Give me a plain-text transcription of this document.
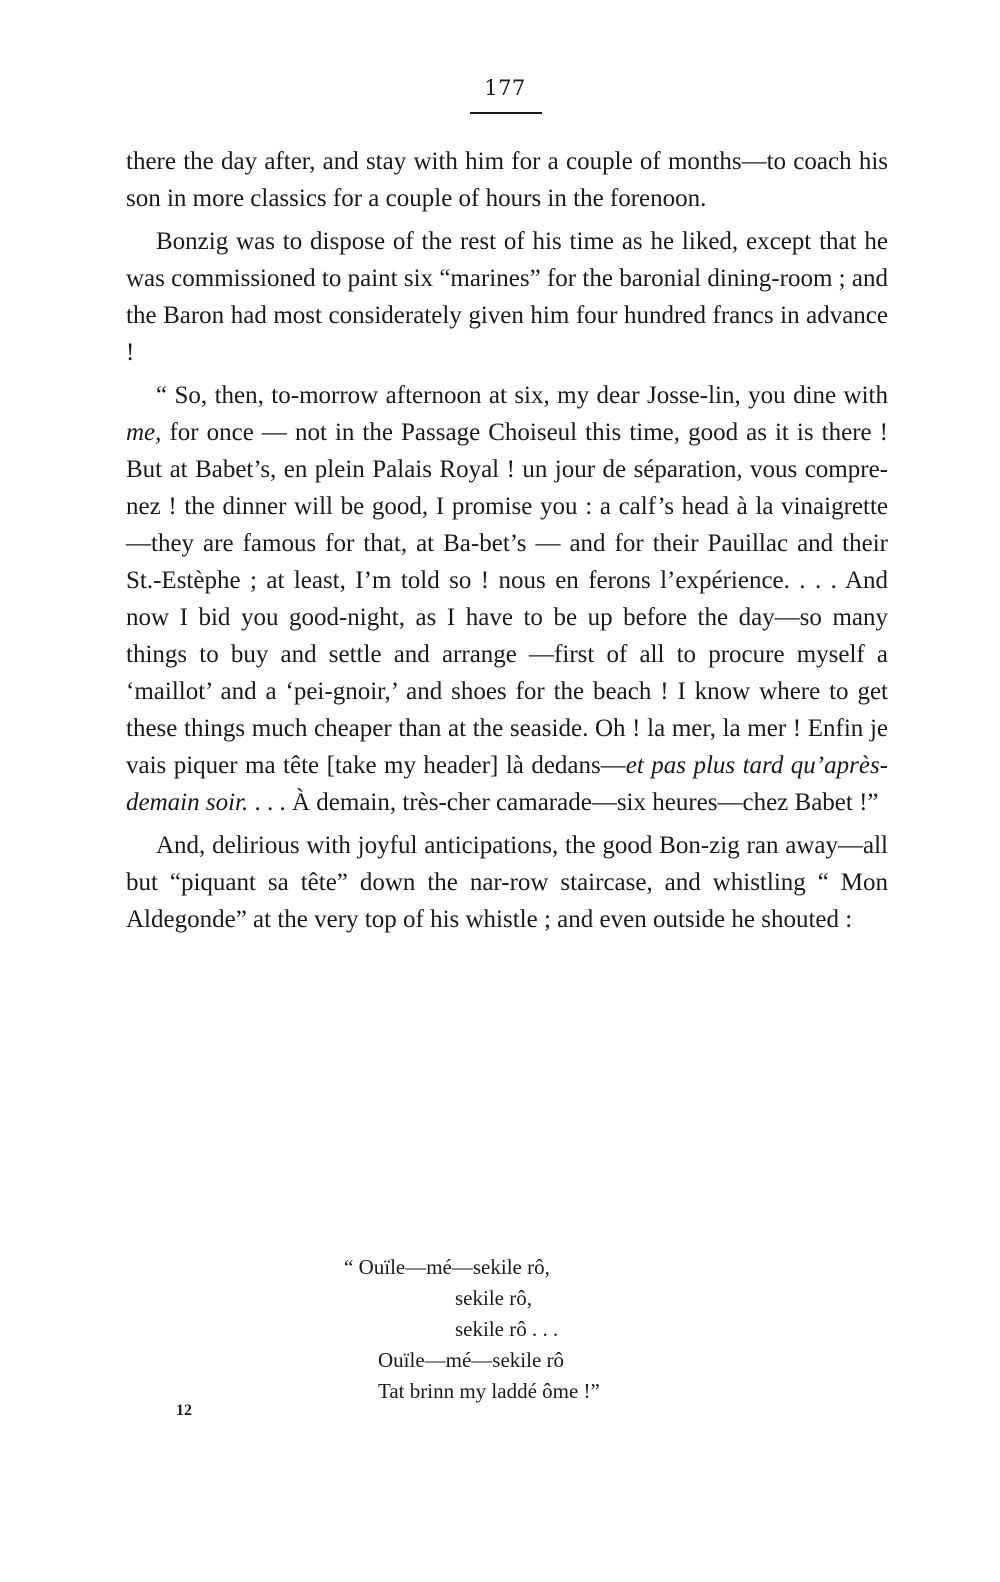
177

there the day after, and stay with him for a couple of months—to coach his son in more classics for a couple of hours in the forenoon.

Bonzig was to dispose of the rest of his time as he liked, except that he was commissioned to paint six “marines” for the baronial dining-room ; and the Baron had most considerately given him four hundred francs in advance !

“ So, then, to-morrow afternoon at six, my dear Josse-lin, you dine with me, for once — not in the Passage Choiseul this time, good as it is there ! But at Babet’s, en plein Palais Royal ! un jour de séparation, vous compre-nez ! the dinner will be good, I promise you : a calf’s head à la vinaigrette—they are famous for that, at Ba-bet’s — and for their Pauillac and their St.-Estèphe ; at least, I’m told so ! nous en ferons l’expérience. . . . And now I bid you good-night, as I have to be up before the day—so many things to buy and settle and arrange —first of all to procure myself a ‘maillot’ and a ‘pei-gnoir,’ and shoes for the beach ! I know where to get these things much cheaper than at the seaside. Oh ! la mer, la mer ! Enfin je vais piquer ma tête [take my header] là dedans—et pas plus tard qu’après-demain soir. . . . À demain, très-cher camarade—six heures—chez Babet !”

And, delirious with joyful anticipations, the good Bon-zig ran away—all but “piquant sa tête” down the nar-row staircase, and whistling “ Mon Aldegonde” at the very top of his whistle ; and even outside he shouted :

“ Ouïle—mé—sekile rô,
sekile rô,
sekile rô . . .
Ouïle—mé—sekile rô
Tat brinn my laddé ôme !”
12
